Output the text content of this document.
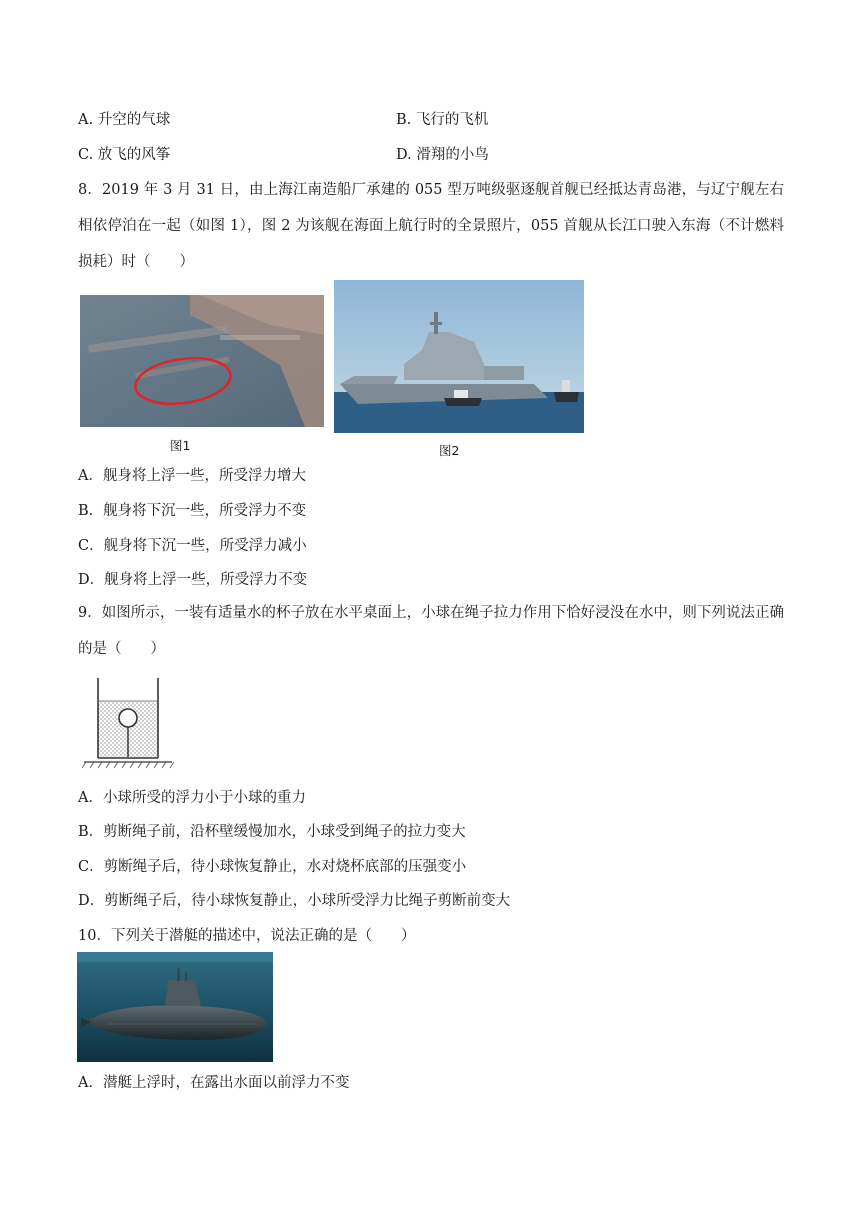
A. 升空的气球	B. 飞行的飞机
C. 放飞的风筝	D. 滑翔的小鸟
8．2019 年 3 月 31 日，由上海江南造船厂承建的 055 型万吨级驱逐舰首舰已经抵达青岛港，与辽宁舰左右相依停泊在一起（如图 1），图 2 为该舰在海面上航行时的全景照片，055 首舰从长江口驶入东海（不计燃料损耗）时（　　）
图1	图2
A．舰身将上浮一些，所受浮力增大
B．舰身将下沉一些，所受浮力不变
C．舰身将下沉一些，所受浮力减小
D．舰身将上浮一些，所受浮力不变
9．如图所示，一装有适量水的杯子放在水平桌面上，小球在绳子拉力作用下恰好浸没在水中，则下列说法正确的是（　　）
A．小球所受的浮力小于小球的重力
B．剪断绳子前，沿杯壁缓慢加水，小球受到绳子的拉力变大
C．剪断绳子后，待小球恢复静止，水对烧杯底部的压强变小
D．剪断绳子后，待小球恢复静止，小球所受浮力比绳子剪断前变大
10．下列关于潜艇的描述中，说法正确的是（　　）
A．潜艇上浮时，在露出水面以前浮力不变
